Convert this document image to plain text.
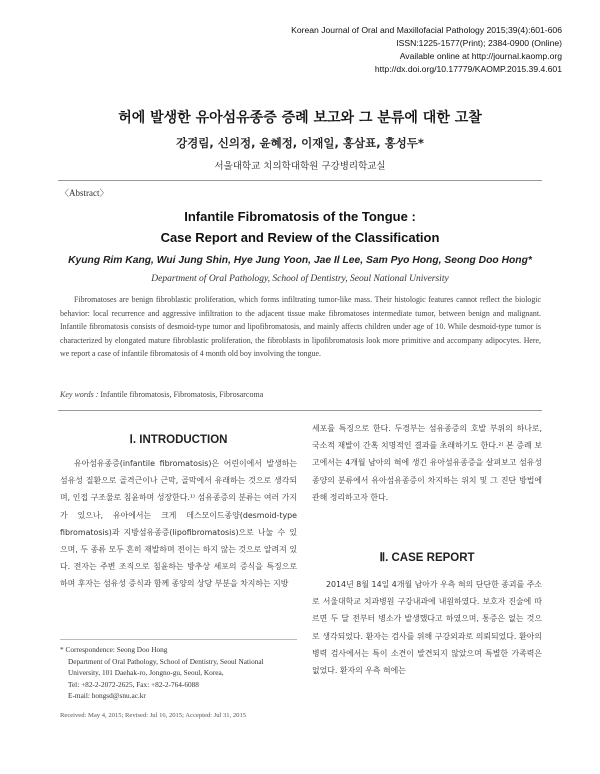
Korean Journal of Oral and Maxillofacial Pathology 2015;39(4):601-606
ISSN:1225-1577(Print); 2384-0900 (Online)
Available online at http://journal.kaomp.org
http://dx.doi.org/10.17779/KAOMP.2015.39.4.601
허에 발생한 유아섬유종증 증례 보고와 그 분류에 대한 고찰
강경림, 신의정, 윤혜정, 이재일, 홍삼표, 홍성두*
서울대학교 치의학대학원 구강병리학교실
〈Abstract〉
Infantile Fibromatosis of the Tongue :
Case Report and Review of the Classification
Kyung Rim Kang, Wui Jung Shin, Hye Jung Yoon, Jae Il Lee, Sam Pyo Hong, Seong Doo Hong*
Department of Oral Pathology, School of Dentistry, Seoul National University

Fibromatoses are benign fibroblastic proliferation, which forms infiltrating tumor-like mass. Their histologic features cannot reflect the biologic behavior: local recurrence and aggressive infiltration to the adjacent tissue make fibromatoses intermediate tumor, between benign and malignant. Infantile fibromatosis consists of desmoid-type tumor and lipofibromatosis, and mainly affects children under age of 10. While desmoid-type tumor is characterized by elongated mature fibroblastic proliferation, the fibroblasts in lipofibromatosis look more primitive and accompany adipocytes. Here, we report a case of infantile fibromatosis of 4 month old boy involving the tongue.

Key words : Infantile fibromatosis, Fibromatosis, Fibrosarcoma
Ⅰ. INTRODUCTION

유아섬유종증(infantile fibromatosis)은 어린이에서 발생하는 섬유성 질환으로 골격근이나 근막, 골막에서 유래하는 것으로 생각되며, 인접 구조물로 침윤하며 성장한다.¹⁾ 섬유종증의 분류는 여러 가지가 있으나, 유아에서는 크게 데스모이드종양(desmoid-type fibromatosis)과 지방섬유종증(lipofibromatosis)으로 나눌 수 있으며, 두 종류 모두 흔히 재발하며 전이는 하지 않는 것으로 알려져 있다. 전자는 주변 조직으로 침윤하는 방추상 세포의 증식을 특징으로 하며 후자는 섬유성 증식과 함께 종양의 상당 부분을 차지하는 지방

* Correspondence: Seong Doo Hong
Department of Oral Pathology, School of Dentistry, Seoul National University, 101 Daehak-ro, Jongno-gu, Seoul, Korea,
Tel: +82-2-2072-2625, Fax: +82-2-764-6088
E-mail: hongsd@snu.ac.kr
Received: May 4, 2015; Revised: Jul 16, 2015; Accepted: Jul 31, 2015

세포를 특징으로 한다. 두경부는 섬유종증의 호발 부위의 하나로, 국소적 재발이 간혹 치명적인 결과를 초래하기도 한다.²⁾ 본 증례 보고에서는 4개월 남아의 혀에 생긴 유아섬유종증을 살펴보고 섬유성 종양의 분류에서 유아섬유종증이 차지하는 위치 및 그 진단 방법에 관해 정리하고자 한다.

Ⅱ. CASE REPORT

2014년 8월 14일 4개월 남아가 우측 혀의 단단한 종괴를 주소로 서울대학교 치과병원 구강내과에 내원하였다. 보호자 진술에 따르면 두 달 전부터 병소가 발생했다고 하였으며, 통증은 없는 것으로 생각되었다. 환자는 검사를 위해 구강외과로 의뢰되었다. 환아의 병력 검사에서는 특이 소견이 발견되지 않았으며 특별한 가족력은 없었다. 환자의 우측 혀에는
